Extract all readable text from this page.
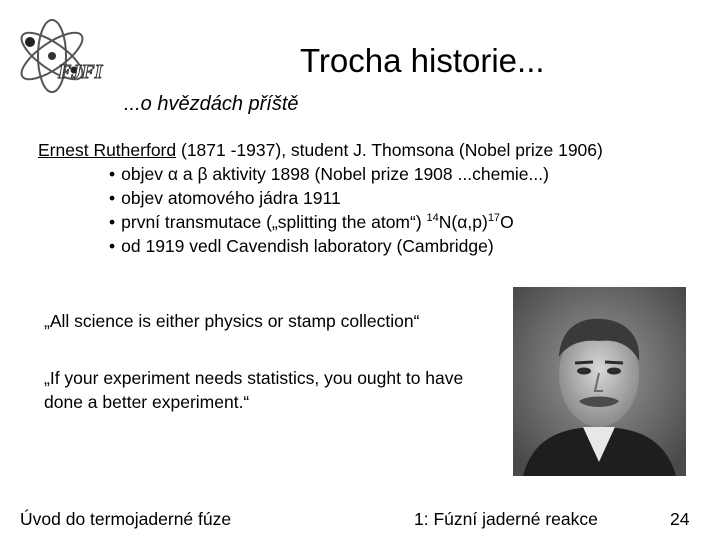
FJFI	Trocha historie...
...o hvězdách příště
Ernest Rutherford (1871 -1937), student J. Thomsona (Nobel prize 1906)
• objev α a β aktivity 1898 (Nobel prize 1908 ...chemie...)
• objev atomového jádra 1911
• první transmutace („splitting the atom“) $^{14}N(\alpha,p)^{17}O$
• od 1919 vedl Cavendish laboratory (Cambridge)
„All science is either physics or stamp collection“
„If your experiment needs statistics, you ought to have done a better experiment.“
Úvod do termojaderné fúze	1: Fúzní jaderné reakce	24
